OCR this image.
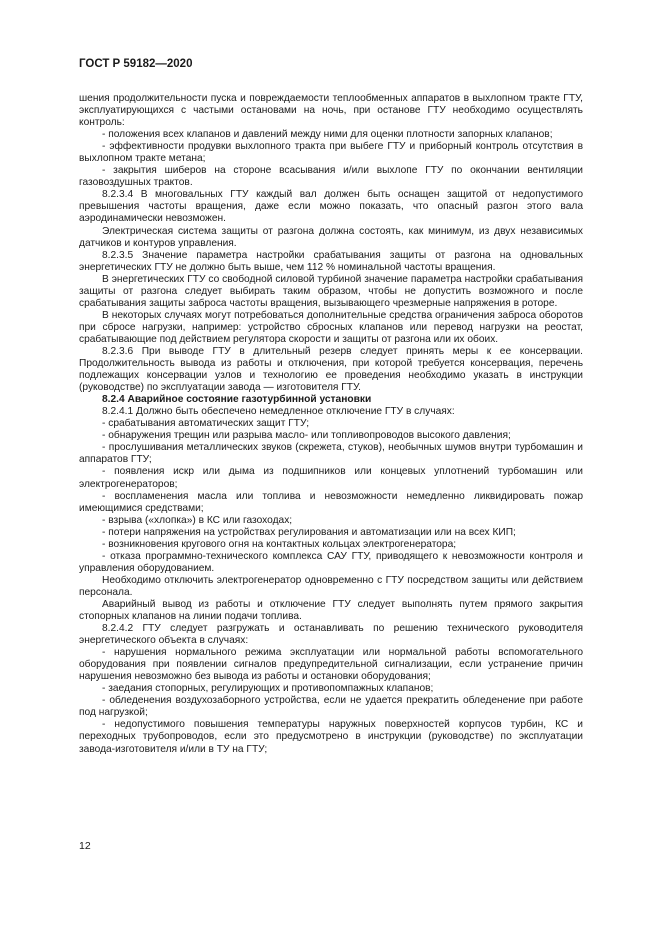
ГОСТ Р 59182—2020

шения продолжительности пуска и повреждаемости теплообменных аппаратов в выхлопном тракте ГТУ, эксплуатирующихся с частыми остановами на ночь, при останове ГТУ необходимо осуществлять контроль:

- положения всех клапанов и давлений между ними для оценки плотности запорных клапанов;

- эффективности продувки выхлопного тракта при выбеге ГТУ и приборный контроль отсутствия в выхлопном тракте метана;

- закрытия шиберов на стороне всасывания и/или выхлопе ГТУ по окончании вентиляции газовоздушных трактов.

8.2.3.4 В многовальных ГТУ каждый вал должен быть оснащен защитой от недопустимого превышения частоты вращения, даже если можно показать, что опасный разгон этого вала аэродинамически невозможен.

Электрическая система защиты от разгона должна состоять, как минимум, из двух независимых датчиков и контуров управления.

8.2.3.5 Значение параметра настройки срабатывания защиты от разгона на одновальных энергетических ГТУ не должно быть выше, чем 112 % номинальной частоты вращения.

В энергетических ГТУ со свободной силовой турбиной значение параметра настройки срабатывания защиты от разгона следует выбирать таким образом, чтобы не допустить возможного и после срабатывания защиты заброса частоты вращения, вызывающего чрезмерные напряжения в роторе.

В некоторых случаях могут потребоваться дополнительные средства ограничения заброса оборотов при сбросе нагрузки, например: устройство сбросных клапанов или перевод нагрузки на реостат, срабатывающие под действием регулятора скорости и защиты от разгона или их обоих.

8.2.3.6 При выводе ГТУ в длительный резерв следует принять меры к ее консервации. Продолжительность вывода из работы и отключения, при которой требуется консервация, перечень подлежащих консервации узлов и технологию ее проведения необходимо указать в инструкции (руководстве) по эксплуатации завода — изготовителя ГТУ.

8.2.4 Аварийное состояние газотурбинной установки

8.2.4.1 Должно быть обеспечено немедленное отключение ГТУ в случаях:

- срабатывания автоматических защит ГТУ;

- обнаружения трещин или разрыва масло- или топливопроводов высокого давления;

- прослушивания металлических звуков (скрежета, стуков), необычных шумов внутри турбомашин и аппаратов ГТУ;

- появления искр или дыма из подшипников или концевых уплотнений турбомашин или электрогенераторов;

- воспламенения масла или топлива и невозможности немедленно ликвидировать пожар имеющимися средствами;

- взрыва («хлопка») в КС или газоходах;

- потери напряжения на устройствах регулирования и автоматизации или на всех КИП;

- возникновения кругового огня на контактных кольцах электрогенератора;

- отказа программно-технического комплекса САУ ГТУ, приводящего к невозможности контроля и управления оборудованием.

Необходимо отключить электрогенератор одновременно с ГТУ посредством защиты или действием персонала.

Аварийный вывод из работы и отключение ГТУ следует выполнять путем прямого закрытия стопорных клапанов на линии подачи топлива.

8.2.4.2 ГТУ следует разгружать и останавливать по решению технического руководителя энергетического объекта в случаях:

- нарушения нормального режима эксплуатации или нормальной работы вспомогательного оборудования при появлении сигналов предупредительной сигнализации, если устранение причин нарушения невозможно без вывода из работы и остановки оборудования;

- заедания стопорных, регулирующих и противопомпажных клапанов;

- обледенения воздухозаборного устройства, если не удается прекратить обледенение при работе под нагрузкой;

- недопустимого повышения температуры наружных поверхностей корпусов турбин, КС и переходных трубопроводов, если это предусмотрено в инструкции (руководстве) по эксплуатации завода-изготовителя и/или в ТУ на ГТУ;

12
